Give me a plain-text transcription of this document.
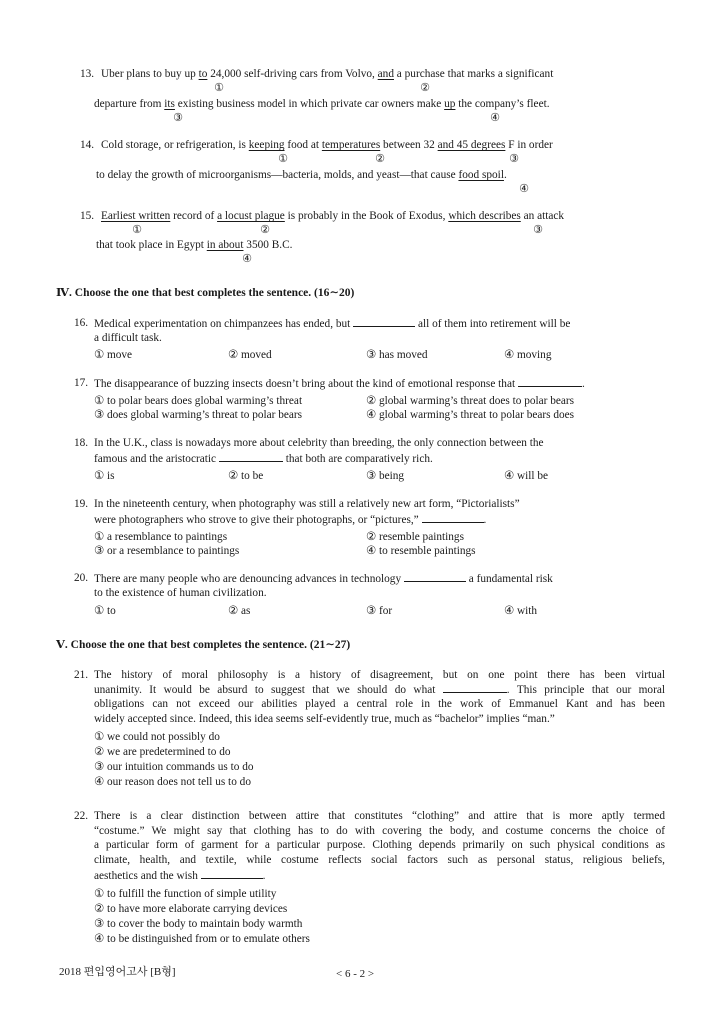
13. Uber plans to buy up to 24,000 self-driving cars from Volvo, and a purchase that marks a significant
①	②
departure from its existing business model in which private car owners make up the company’s fleet.
③	④
14. Cold storage, or refrigeration, is keeping food at temperatures between 32 and 45 degrees F in order
①	②	③
to delay the growth of microorganisms—bacteria, molds, and yeast—that cause food spoil.
④
15. Earliest written record of a locust plague is probably in the Book of Exodus, which describes an attack
①	②	③
that took place in Egypt in about 3500 B.C.
④
Ⅳ. Choose the one that best completes the sentence. (16∼20)
16. Medical experimentation on chimpanzees has ended, but	all of them into retirement will be
a difficult task.
① move	② moved	③ has moved	④ moving
17. The disappearance of buzzing insects doesn’t bring about the kind of emotional response that	.
① to polar bears does global warming’s threat	② global warming’s threat does to polar bears
③ does global warming’s threat to polar bears	④ global warming’s threat to polar bears does
18. In the U.K., class is nowadays more about celebrity than breeding, the only connection between the
famous and the aristocratic	that both are comparatively rich.
① is	② to be	③ being	④ will be
19. In the nineteenth century, when photography was still a relatively new art form, “Pictorialists”
were photographers who strove to give their photographs, or “pictures,”	.
① a resemblance to paintings	② resemble paintings
③ or a resemblance to paintings	④ to resemble paintings
20. There are many people who are denouncing advances in technology	a fundamental risk
to the existence of human civilization.
① to	② as	③ for	④ with
Ⅴ. Choose the one that best completes the sentence. (21∼27)
21. The history of moral philosophy is a history of disagreement, but on one point there has been virtual
unanimity. It would be absurd to suggest that we should do what	. This principle that our moral
obligations can not exceed our abilities played a central role in the work of Emmanuel Kant and has been
widely accepted since. Indeed, this idea seems self-evidently true, much as “bachelor” implies “man.”
① we could not possibly do
② we are predetermined to do
③ our intuition commands us to do
④ our reason does not tell us to do
22. There is a clear distinction between attire that constitutes “clothing” and attire that is more aptly termed
“costume.” We might say that clothing has to do with covering the body, and costume concerns the choice of
a particular form of garment for a particular purpose. Clothing depends primarily on such physical conditions as
climate, health, and textile, while costume reflects social factors such as personal status, religious beliefs,
aesthetics and the wish	.
① to fulfill the function of simple utility
② to have more elaborate carrying devices
③ to cover the body to maintain body warmth
④ to be distinguished from or to emulate others
2018 편입영어고사 [B형]	< 6 - 2 >
